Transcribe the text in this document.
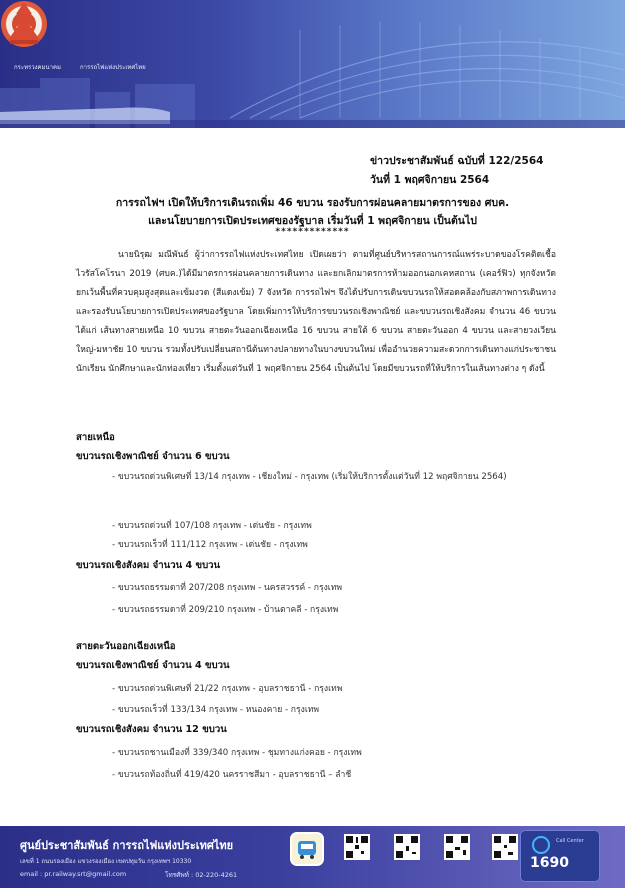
กระทรวงคมนาคม	การรถไฟแห่งประเทศไทย
ข่าวประชาสัมพันธ์ ฉบับที่ 122/2564
วันที่ 1 พฤศจิกายน 2564
การรถไฟฯ เปิดให้บริการเดินรถเพิ่ม 46 ขบวน รองรับการผ่อนคลายมาตรการของ ศบค.
และนโยบายการเปิดประเทศของรัฐบาล เริ่มวันที่ 1 พฤศจิกายน เป็นต้นไป
*************
นายนิรุฒ มณีพันธ์ ผู้ว่าการรถไฟแห่งประเทศไทย เปิดเผยว่า ตามที่ศูนย์บริหารสถานการณ์แพร่ระบาดของโรคติดเชื้อไวรัสโคโรนา 2019 (ศบค.)ได้มีมาตรการผ่อนคลายการเดินทาง และยกเลิกมาตรการห้ามออกนอกเคหสถาน (เคอร์ฟิว) ทุกจังหวัด ยกเว้นพื้นที่ควบคุมสูงสุดและเข้มงวด (สีแดงเข้ม) 7 จังหวัด การรถไฟฯ จึงได้ปรับการเดินขบวนรถให้สอดคล้องกับสภาพการเดินทางและรองรับนโยบายการเปิดประเทศของรัฐบาล โดยเพิ่มการให้บริการขบวนรถเชิงพาณิชย์ และขบวนรถเชิงสังคม จำนวน 46 ขบวน ได้แก่ เส้นทางสายเหนือ 10 ขบวน สายตะวันออกเฉียงเหนือ 16 ขบวน สายใต้ 6 ขบวน สายตะวันออก 4 ขบวน และสายวงเวียนใหญ่-มหาชัย 10 ขบวน รวมทั้งปรับเปลี่ยนสถานีต้นทางปลายทางในบางขบวนใหม่ เพื่ออำนวยความสะดวกการเดินทางแก่ประชาชน นักเรียน นักศึกษาและนักท่องเที่ยว เริ่มตั้งแต่วันที่ 1 พฤศจิกายน 2564 เป็นต้นไป โดยมีขบวนรถที่ให้บริการในเส้นทางต่าง ๆ ดังนี้
สายเหนือ
ขบวนรถเชิงพาณิชย์ จำนวน 6 ขบวน
- ขบวนรถด่วนพิเศษที่ 13/14 กรุงเทพ - เชียงใหม่ - กรุงเทพ (เริ่มให้บริการตั้งแต่วันที่ 12 พฤศจิกายน 2564)
- ขบวนรถด่วนที่ 107/108 กรุงเทพ - เด่นชัย - กรุงเทพ
- ขบวนรถเร็วที่ 111/112 กรุงเทพ - เด่นชัย - กรุงเทพ
ขบวนรถเชิงสังคม จำนวน 4 ขบวน
- ขบวนรถธรรมดาที่ 207/208 กรุงเทพ - นครสวรรค์ - กรุงเทพ
- ขบวนรถธรรมดาที่ 209/210 กรุงเทพ - บ้านตาคลี - กรุงเทพ
สายตะวันออกเฉียงเหนือ
ขบวนรถเชิงพาณิชย์ จำนวน 4 ขบวน
- ขบวนรถด่วนพิเศษที่ 21/22 กรุงเทพ - อุบลราชธานี - กรุงเทพ
- ขบวนรถเร็วที่ 133/134 กรุงเทพ - หนองคาย - กรุงเทพ
ขบวนรถเชิงสังคม จำนวน 12 ขบวน
- ขบวนรถชานเมืองที่ 339/340 กรุงเทพ - ชุมทางแก่งคอย - กรุงเทพ
- ขบวนรถท้องถิ่นที่ 419/420 นครราชสีมา - อุบลราชธานี – ลำชี
ศูนย์ประชาสัมพันธ์ การรถไฟแห่งประเทศไทย
เลขที่ 1 ถนนรองเมือง แขวงรองเมือง เขตปทุมวัน กรุงเทพฯ 10330
email : pr.railway.srt@gmail.com	โทรศัพท์ : 02-220-4261
Call Center
1690
